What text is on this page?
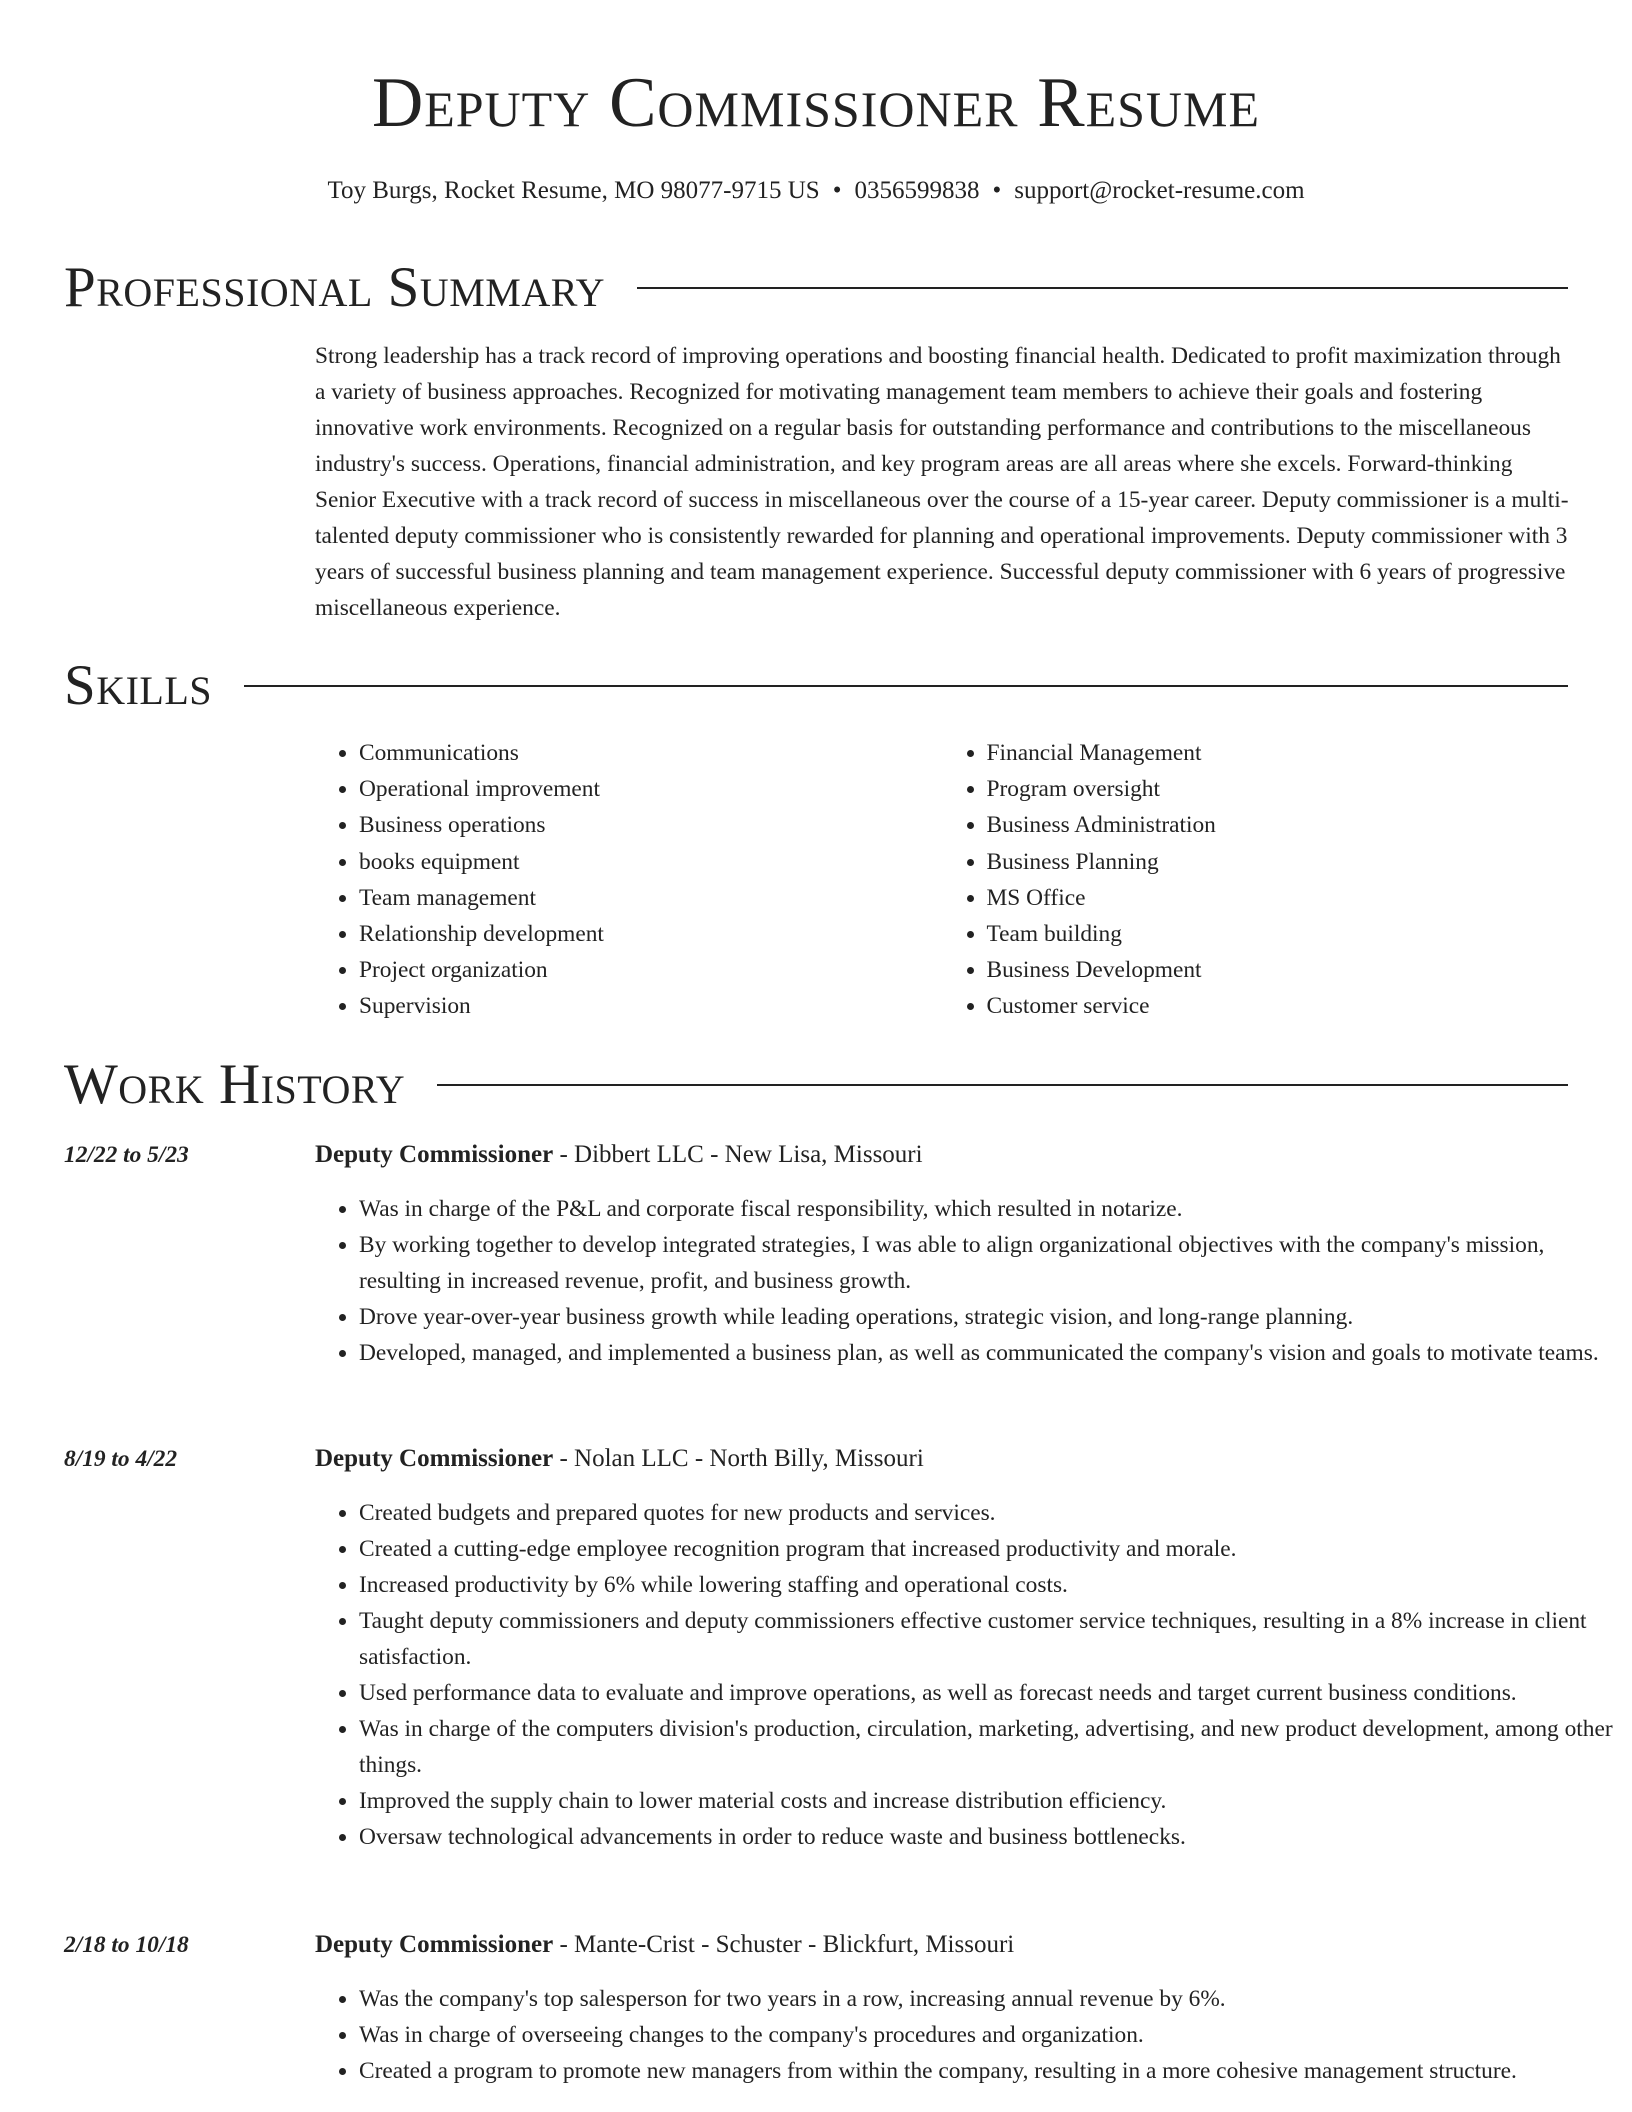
Deputy Commissioner Resume
Toy Burgs, Rocket Resume, MO 98077-9715 US • 0356599838 • support@rocket-resume.com
Professional Summary

Strong leadership has a track record of improving operations and boosting financial health. Dedicated to profit maximization through a variety of business approaches. Recognized for motivating management team members to achieve their goals and fostering innovative work environments. Recognized on a regular basis for outstanding performance and contributions to the miscellaneous industry's success. Operations, financial administration, and key program areas are all areas where she excels. Forward-thinking Senior Executive with a track record of success in miscellaneous over the course of a 15-year career. Deputy commissioner is a multi-talented deputy commissioner who is consistently rewarded for planning and operational improvements. Deputy commissioner with 3 years of successful business planning and team management experience. Successful deputy commissioner with 6 years of progressive miscellaneous experience.

Skills
• Communications
• Operational improvement
• Business operations
• books equipment
• Team management
• Relationship development
• Project organization
• Supervision
• Financial Management
• Program oversight
• Business Administration
• Business Planning
• MS Office
• Team building
• Business Development
• Customer service
Work History
12/22 to 5/23	Deputy Commissioner - Dibbert LLC - New Lisa, Missouri
• Was in charge of the P&L and corporate fiscal responsibility, which resulted in notarize.
• By working together to develop integrated strategies, I was able to align organizational objectives with the company's mission, resulting in increased revenue, profit, and business growth.
• Drove year-over-year business growth while leading operations, strategic vision, and long-range planning.
• Developed, managed, and implemented a business plan, as well as communicated the company's vision and goals to motivate teams.
8/19 to 4/22	Deputy Commissioner - Nolan LLC - North Billy, Missouri
• Created budgets and prepared quotes for new products and services.
• Created a cutting-edge employee recognition program that increased productivity and morale.
• Increased productivity by 6% while lowering staffing and operational costs.
• Taught deputy commissioners and deputy commissioners effective customer service techniques, resulting in a 8% increase in client satisfaction.
• Used performance data to evaluate and improve operations, as well as forecast needs and target current business conditions.
• Was in charge of the computers division's production, circulation, marketing, advertising, and new product development, among other things.
• Improved the supply chain to lower material costs and increase distribution efficiency.
• Oversaw technological advancements in order to reduce waste and business bottlenecks.
2/18 to 10/18	Deputy Commissioner - Mante-Crist - Schuster - Blickfurt, Missouri
• Was the company's top salesperson for two years in a row, increasing annual revenue by 6%.
• Was in charge of overseeing changes to the company's procedures and organization.
• Created a program to promote new managers from within the company, resulting in a more cohesive management structure.
